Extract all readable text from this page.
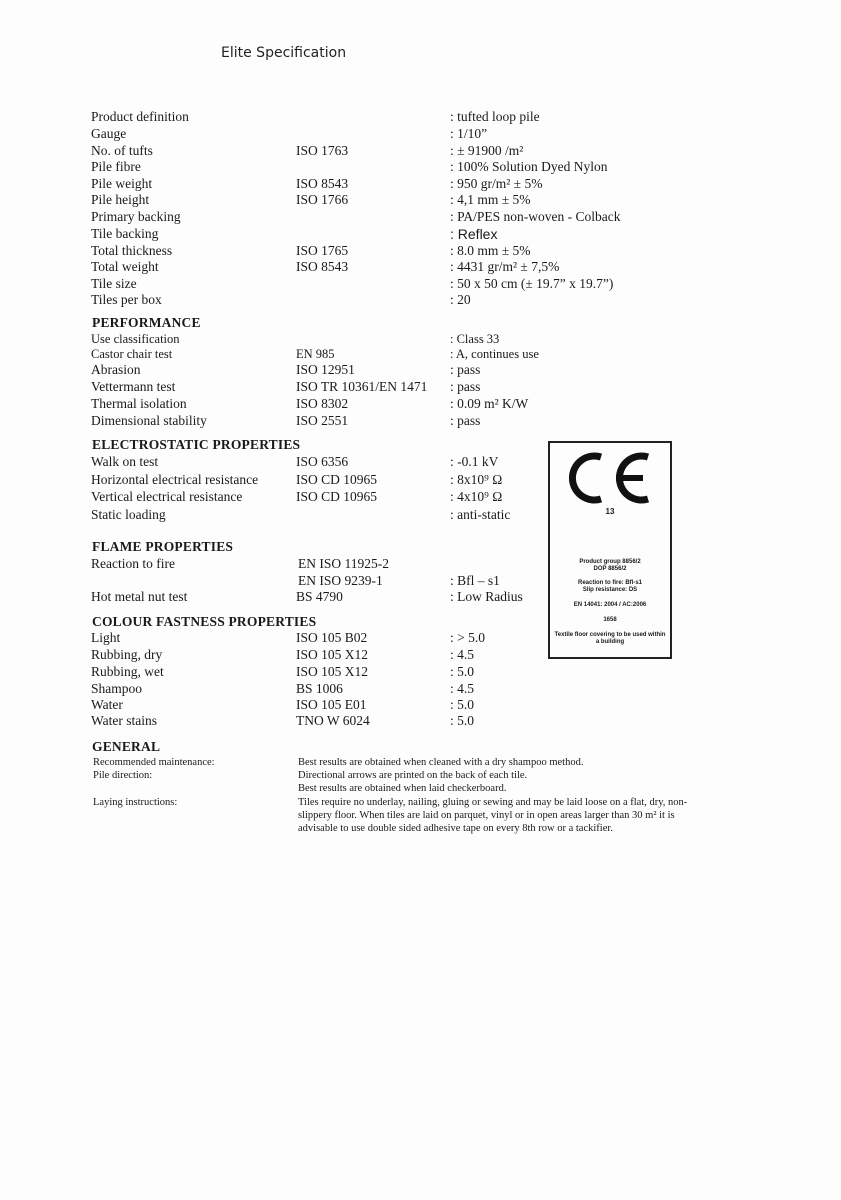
Elite Specification
Product definition	: tufted loop pile
Gauge	: 1/10”
No. of tufts	ISO 1763	: ± 91900 /m²
Pile fibre	: 100% Solution Dyed Nylon
Pile weight	ISO 8543	: 950 gr/m² ± 5%
Pile height	ISO 1766	: 4,1 mm ± 5%
Primary backing	: PA/PES non-woven - Colback
Tile backing	: Reflex
Total thickness	ISO 1765	: 8.0 mm ± 5%
Total weight	ISO 8543	: 4431 gr/m² ± 7,5%
Tile size	: 50 x 50 cm (± 19.7” x 19.7”)
Tiles per box	: 20
PERFORMANCE
Use classification	: Class 33
Castor chair test	EN 985	: A, continues use
Abrasion	ISO 12951	: pass
Vettermann test	ISO TR 10361/EN 1471 : pass
Thermal isolation	ISO 8302	: 0.09 m² K/W
Dimensional stability	ISO 2551	: pass
ELECTROSTATIC PROPERTIES
Walk on test	ISO 6356	: -0.1 kV
Horizontal electrical resistance	ISO CD 10965	: 8x10⁹ Ω
Vertical electrical resistance	ISO CD 10965	: 4x10⁹ Ω
Static loading	: anti-static
FLAME PROPERTIES
Reaction to fire	EN ISO 11925-2
EN ISO 9239-1	: Bfl – s1
Hot metal nut test	BS 4790	: Low Radius
COLOUR FASTNESS PROPERTIES
Light	ISO 105 B02	: > 5.0
Rubbing, dry	ISO 105 X12	: 4.5
Rubbing, wet	ISO 105 X12	: 5.0
Shampoo	BS 1006	: 4.5
Water	ISO 105 E01	: 5.0
Water stains	TNO W 6024	: 5.0
GENERAL
Recommended maintenance:	Best results are obtained when cleaned with a dry shampoo method.
Pile direction:	Directional arrows are printed on the back of each tile.
Best results are obtained when laid checkerboard.
Laying instructions:	Tiles require no underlay, nailing, gluing or sewing and may be laid loose on a flat, dry, non-slippery floor. When tiles are laid on parquet, vinyl or in open areas larger than 30 m² it is advisable to use double sided adhesive tape on every 8th row or a tackifier.
13
Product group 8856/2
DOP 8856/2
Reaction to fire: Bfl-s1
Slip resistance: DS
EN 14041: 2004 / AC:2006
1658
Textile floor covering to be used within a building
